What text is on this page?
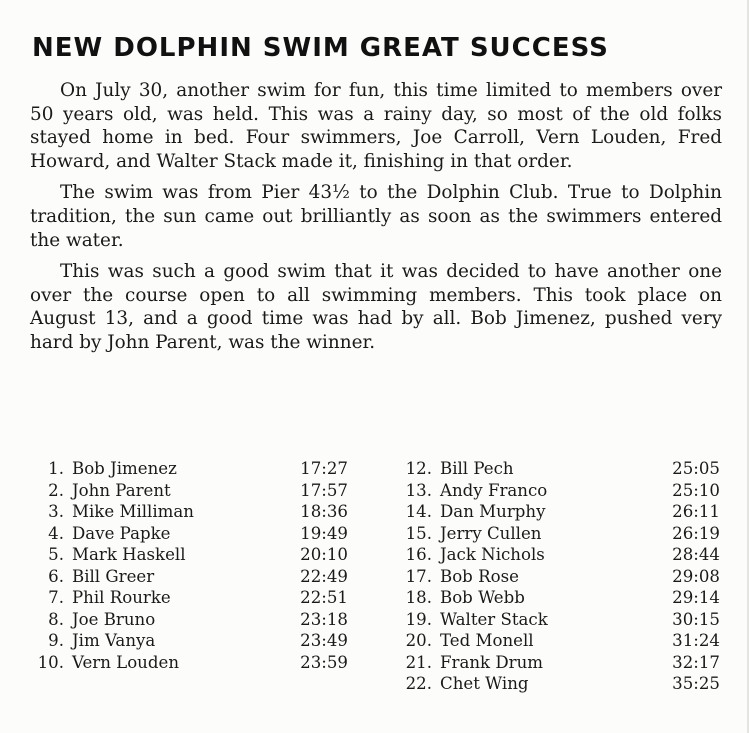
NEW DOLPHIN SWIM GREAT SUCCESS

On July 30, another swim for fun, this time limited to members over 50 years old, was held. This was a rainy day, so most of the old folks stayed home in bed. Four swimmers, Joe Carroll, Vern Louden, Fred Howard, and Walter Stack made it, finishing in that order.

The swim was from Pier 43½ to the Dolphin Club. True to Dolphin tradition, the sun came out brilliantly as soon as the swimmers entered the water.

This was such a good swim that it was decided to have another one over the course open to all swimming members. This took place on August 13, and a good time was had by all. Bob Jimenez, pushed very hard by John Parent, was the winner.

1. Bob Jimenez	17:27
2. John Parent	17:57
3. Mike Milliman	18:36
4. Dave Papke	19:49
5. Mark Haskell	20:10
6. Bill Greer	22:49
7. Phil Rourke	22:51
8. Joe Bruno	23:18
9. Jim Vanya	23:49
10. Vern Louden	23:59
12. Bill Pech	25:05
13. Andy Franco	25:10
14. Dan Murphy	26:11
15. Jerry Cullen	26:19
16. Jack Nichols	28:44
17. Bob Rose	29:08
18. Bob Webb	29:14
19. Walter Stack	30:15
20. Ted Monell	31:24
21. Frank Drum	32:17
22. Chet Wing	35:25
